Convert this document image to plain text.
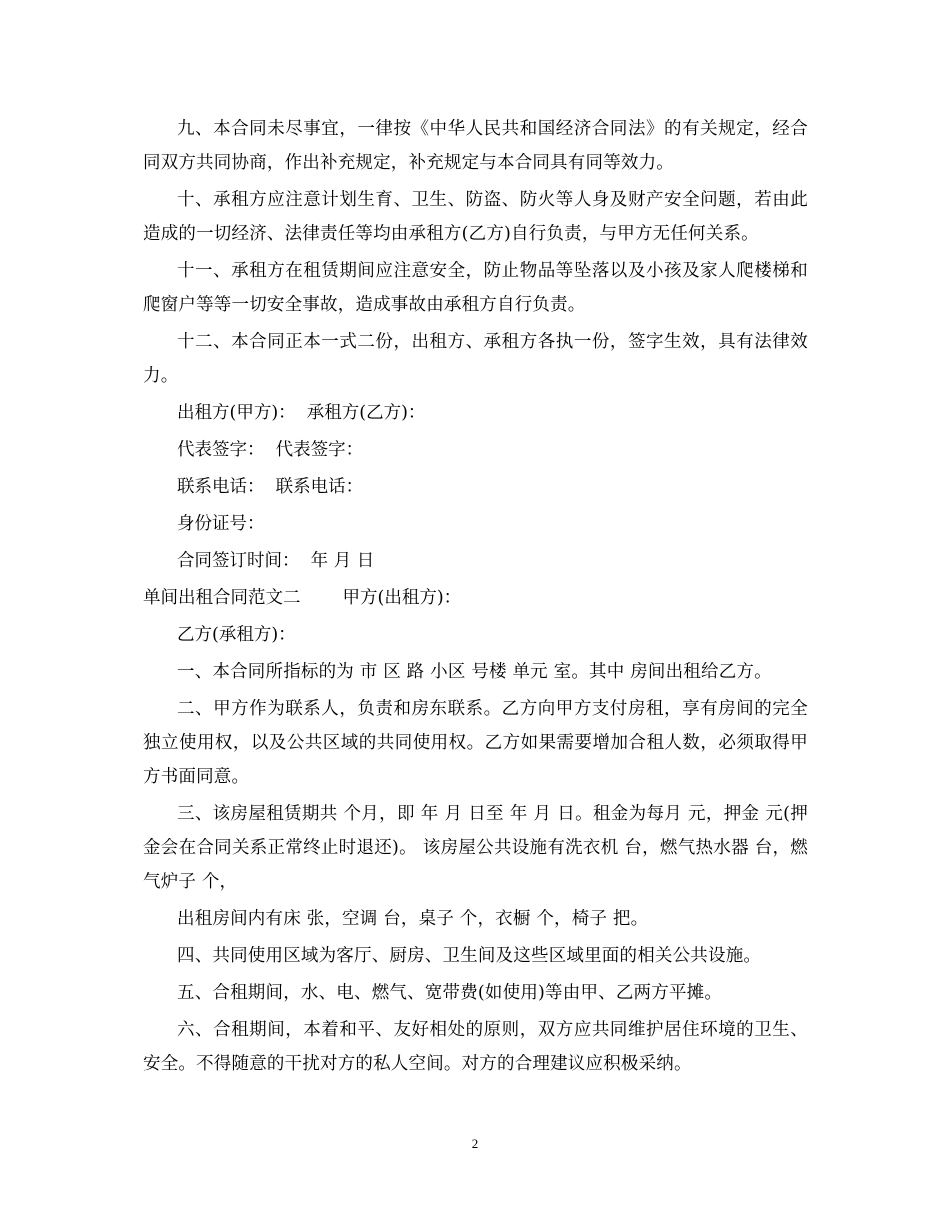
九、本合同未尽事宜，一律按《中华人民共和国经济合同法》的有关规定，经合同双方共同协商，作出补充规定，补充规定与本合同具有同等效力。

十、承租方应注意计划生育、卫生、防盗、防火等人身及财产安全问题，若由此造成的一切经济、法律责任等均由承租方(乙方)自行负责，与甲方无任何关系。

十一、承租方在租赁期间应注意安全，防止物品等坠落以及小孩及家人爬楼梯和爬窗户等等一切安全事故，造成事故由承租方自行负责。

十二、本合同正本一式二份，出租方、承租方各执一份，签字生效，具有法律效力。

出租方(甲方)：  承租方(乙方)：
代表签字：  代表签字：
联系电话：  联系电话：
身份证号：
合同签订时间：  年 月 日
单间出租合同范文二 甲方(出租方)：
乙方(承租方)：

一、本合同所指标的为 市 区 路 小区 号楼 单元 室。其中 房间出租给乙方。

二、甲方作为联系人，负责和房东联系。乙方向甲方支付房租，享有房间的完全独立使用权，以及公共区域的共同使用权。乙方如果需要增加合租人数，必须取得甲方书面同意。

三、该房屋租赁期共 个月，即 年 月 日至 年 月 日。租金为每月 元，押金 元(押金会在合同关系正常终止时退还)。 该房屋公共设施有洗衣机 台，燃气热水器 台，燃气炉子 个，

出租房间内有床 张，空调 台，桌子 个，衣橱 个，椅子 把。

四、共同使用区域为客厅、厨房、卫生间及这些区域里面的相关公共设施。

五、合租期间，水、电、燃气、宽带费(如使用)等由甲、乙两方平摊。

六、合租期间，本着和平、友好相处的原则，双方应共同维护居住环境的卫生、安全。不得随意的干扰对方的私人空间。对方的合理建议应积极采纳。

2
